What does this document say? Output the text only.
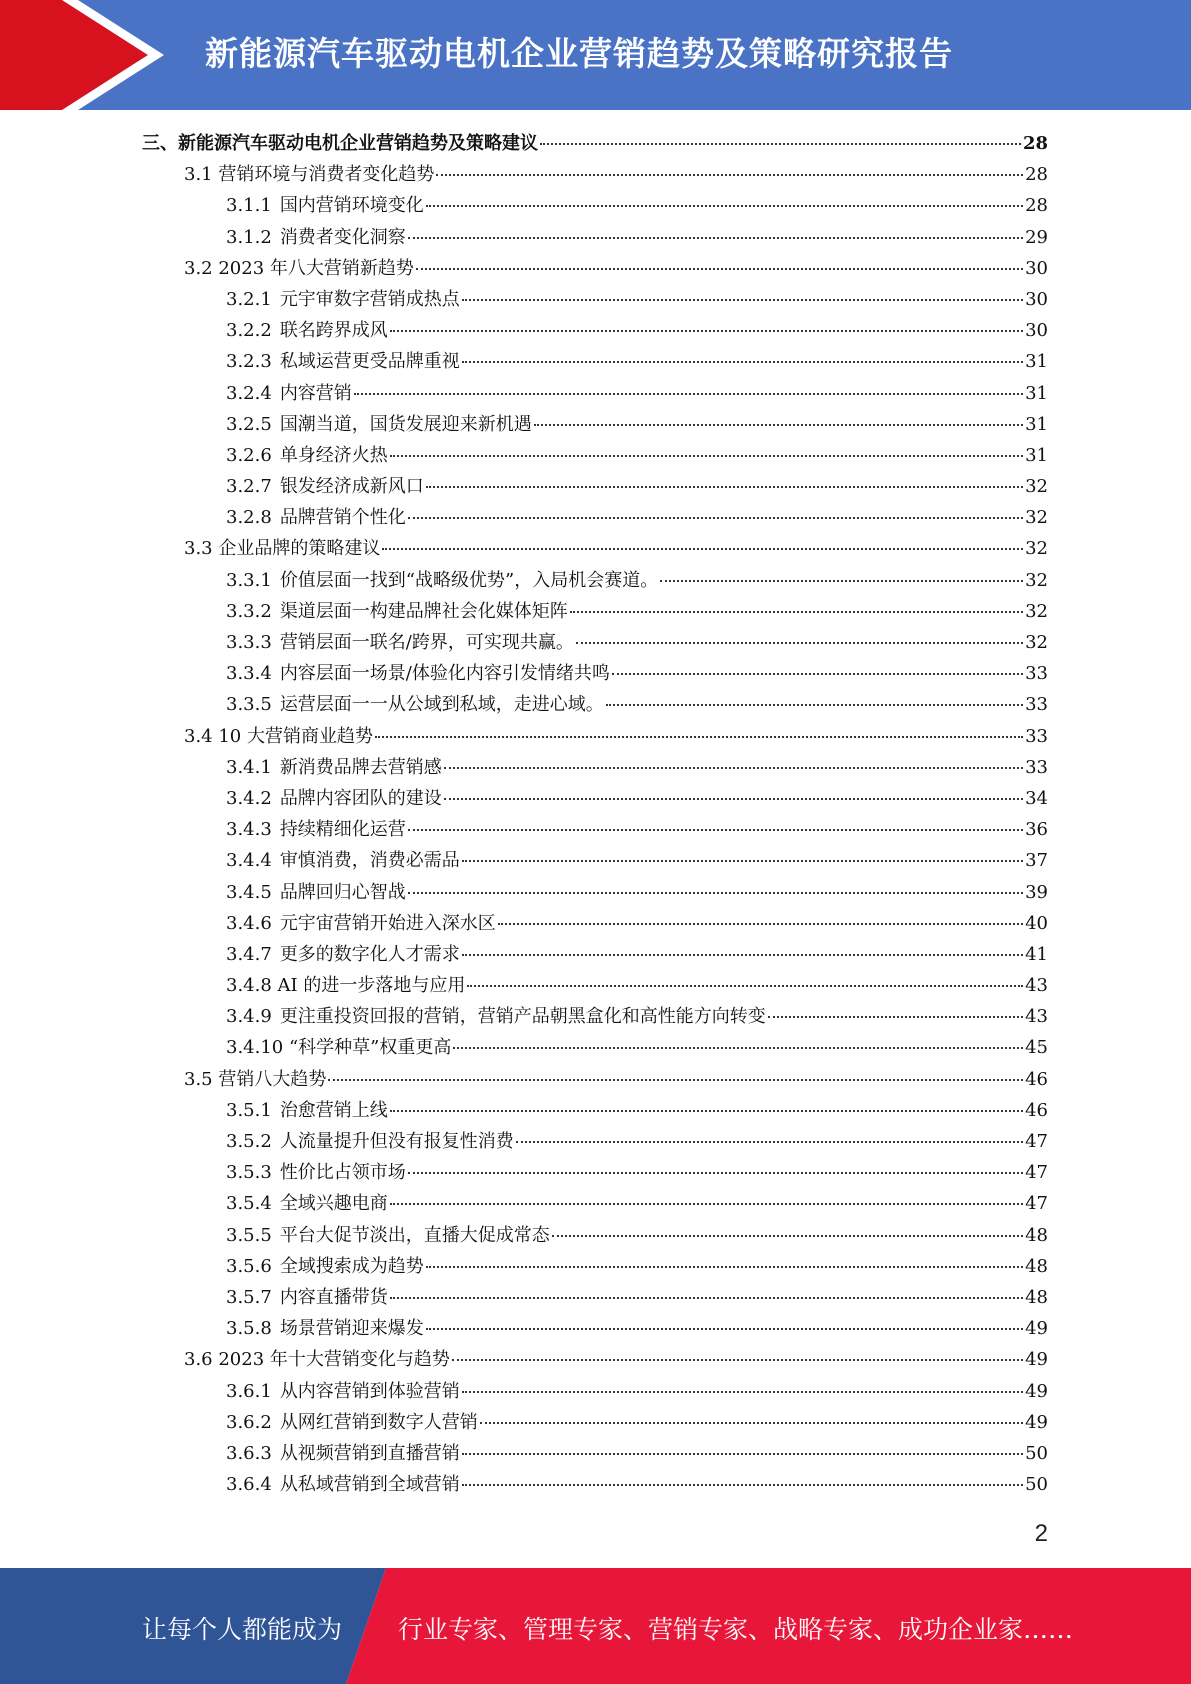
新能源汽车驱动电机企业营销趋势及策略研究报告
三、新能源汽车驱动电机企业营销趋势及策略建议	28
3.1 营销环境与消费者变化趋势	28
3.1.1 国内营销环境变化	28
3.1.2 消费者变化洞察	29
3.2 2023 年八大营销新趋势	30
3.2.1 元宇审数字营销成热点	30
3.2.2 联名跨界成风	30
3.2.3 私域运营更受品牌重视	31
3.2.4 内容营销	31
3.2.5 国潮当道，国货发展迎来新机遇	31
3.2.6 单身经济火热	31
3.2.7 银发经济成新风口	32
3.2.8 品牌营销个性化	32
3.3 企业品牌的策略建议	32
3.3.1 价值层面一找到“战略级优势”，入局机会赛道。	32
3.3.2 渠道层面一构建品牌社会化媒体矩阵	32
3.3.3 营销层面一联名/跨界，可实现共赢。	32
3.3.4 内容层面一场景/体验化内容引发情绪共鸣	33
3.3.5 运营层面一一从公域到私域，走进心域。	33
3.4 10 大营销商业趋势	33
3.4.1 新消费品牌去营销感	33
3.4.2 品牌内容团队的建设	34
3.4.3 持续精细化运营	36
3.4.4 审慎消费，消费必需品	37
3.4.5 品牌回归心智战	39
3.4.6 元宇宙营销开始进入深水区	40
3.4.7 更多的数字化人才需求	41
3.4.8 AI 的进一步落地与应用	43
3.4.9 更注重投资回报的营销，营销产品朝黑盒化和高性能方向转变	43
3.4.10 “科学种草”权重更高	45
3.5 营销八大趋势	46
3.5.1 治愈营销上线	46
3.5.2 人流量提升但没有报复性消费	47
3.5.3 性价比占领市场	47
3.5.4 全域兴趣电商	47
3.5.5 平台大促节淡出，直播大促成常态	48
3.5.6 全域搜索成为趋势	48
3.5.7 内容直播带货	48
3.5.8 场景营销迎来爆发	49
3.6 2023 年十大营销变化与趋势	49
3.6.1 从内容营销到体验营销	49
3.6.2 从网红营销到数字人营销	49
3.6.3 从视频营销到直播营销	50
3.6.4 从私域营销到全域营销	50
2
让每个人都能成为 行业专家、管理专家、营销专家、战略专家、成功企业家……
